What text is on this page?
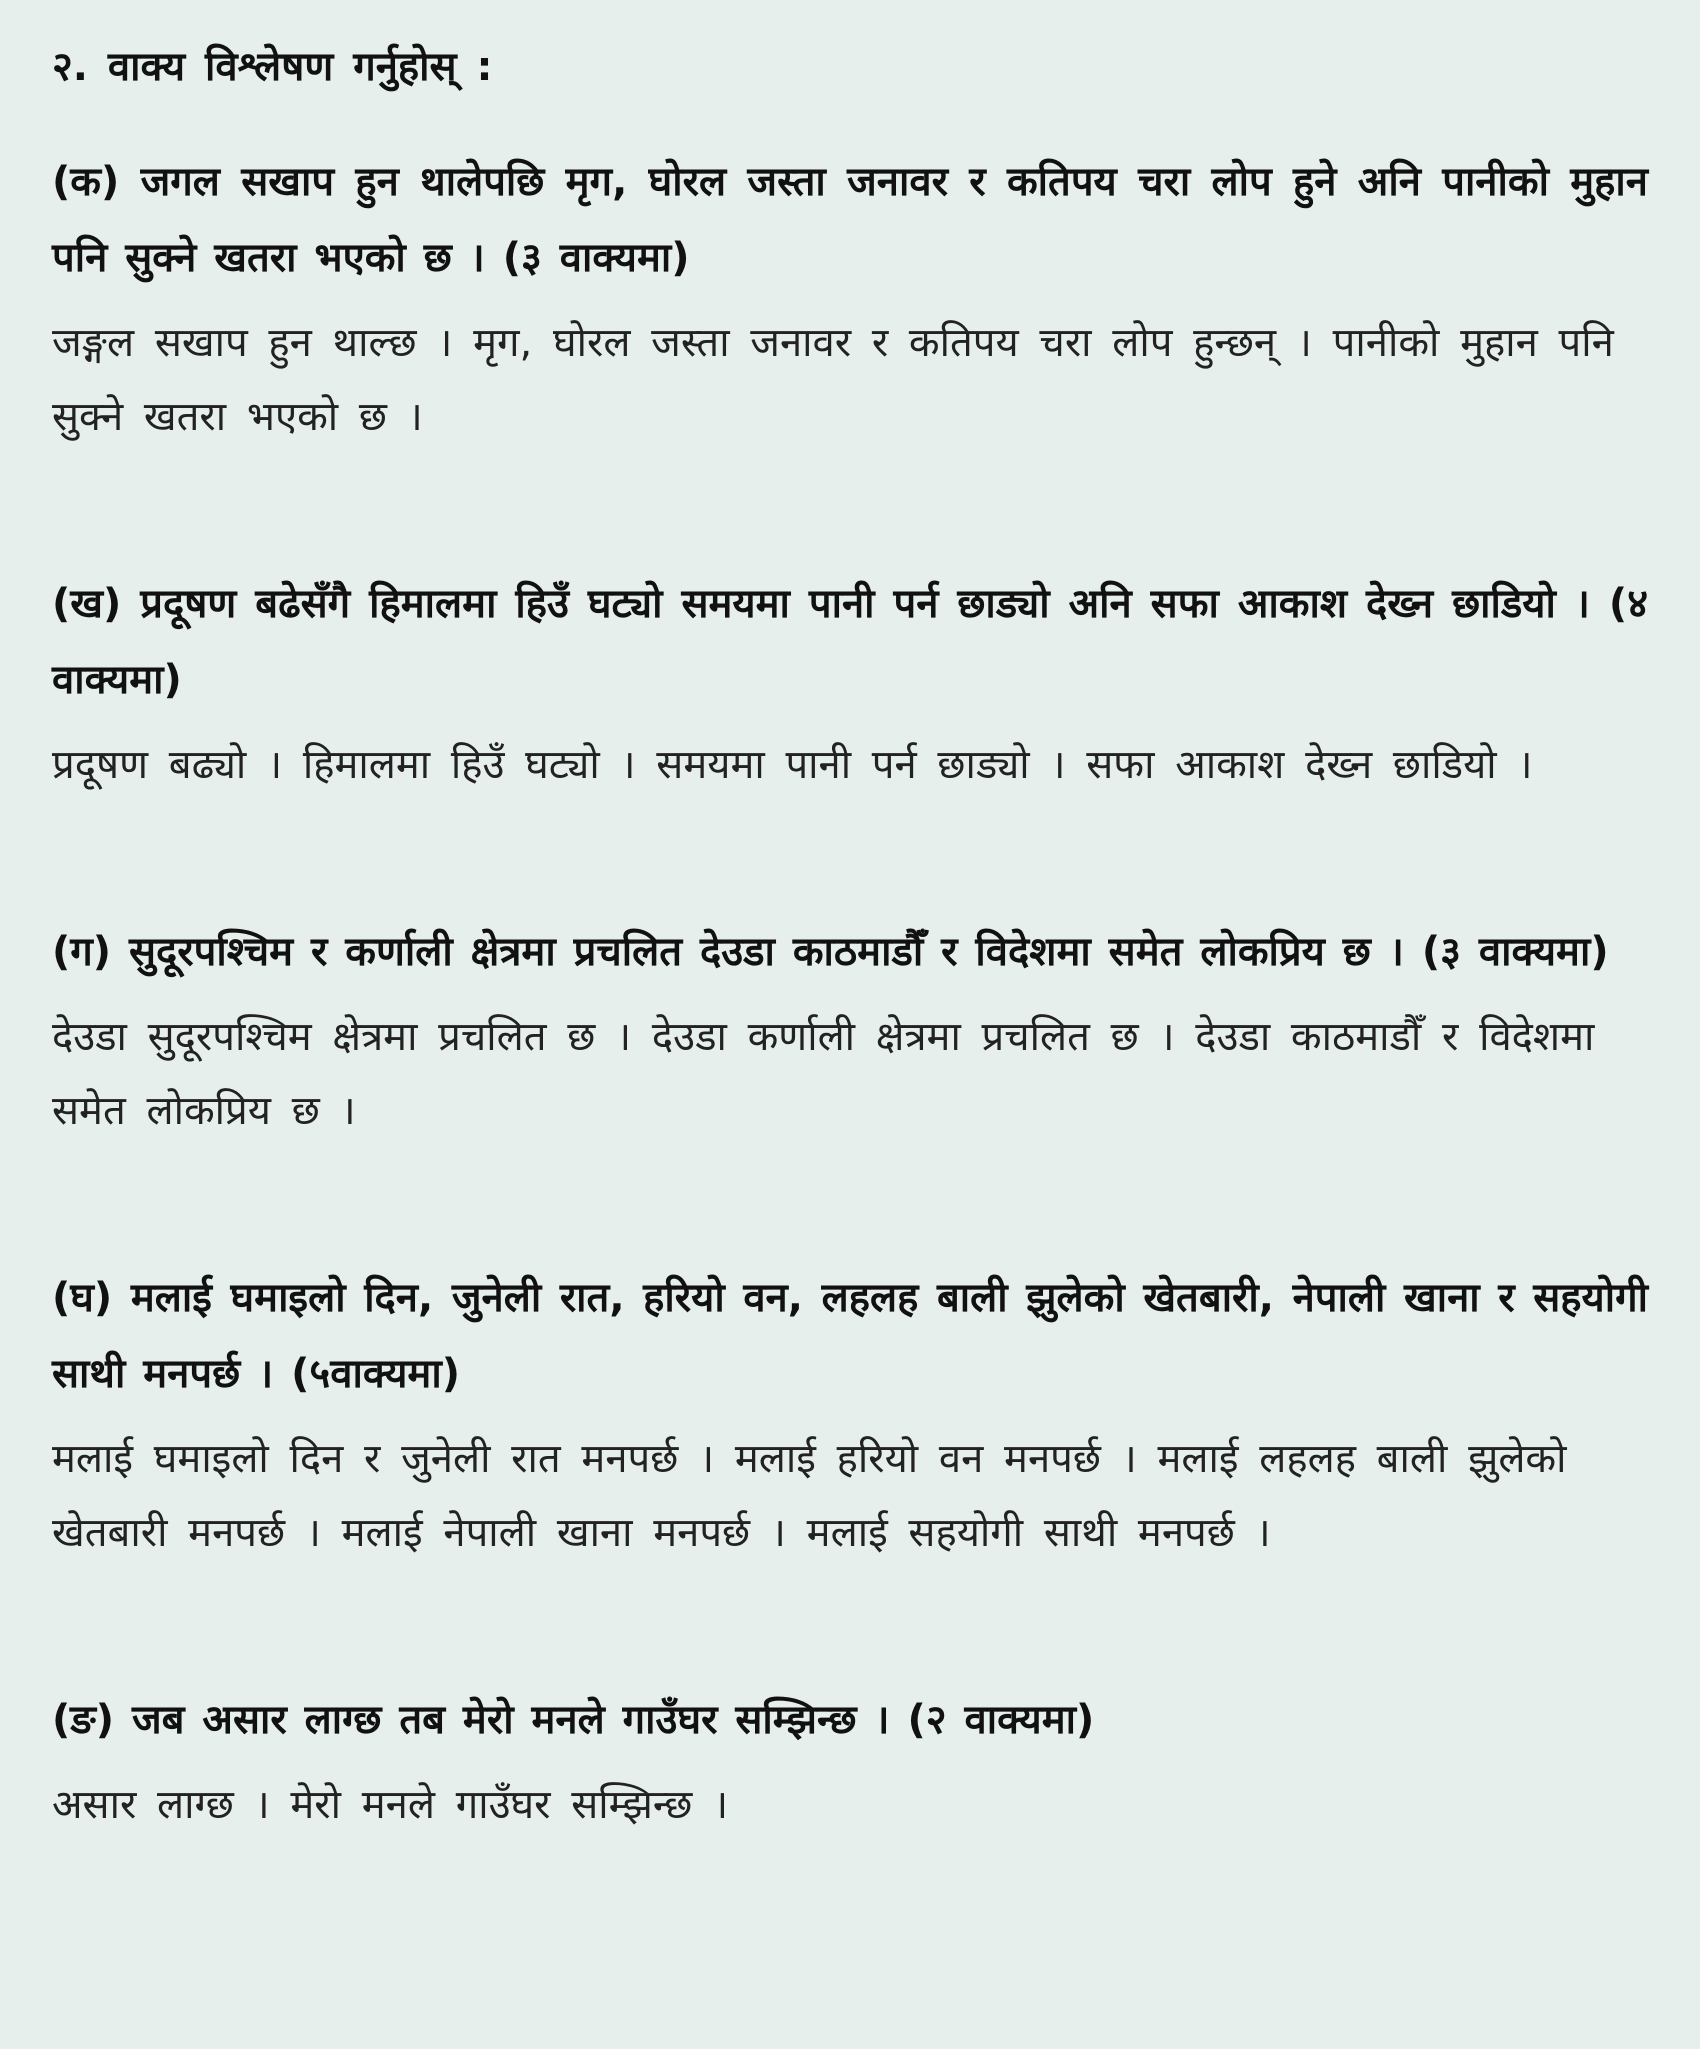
२. वाक्य विश्लेषण गर्नुहोस् :

(क) जगल सखाप हुन थालेपछि मृग, घोरल जस्ता जनावर र कतिपय चरा लोप हुने अनि पानीको मुहान पनि सुक्ने खतरा भएको छ । (३ वाक्यमा)

जङ्गल सखाप हुन थाल्छ । मृग, घोरल जस्ता जनावर र कतिपय चरा लोप हुन्छन् । पानीको मुहान पनि सुक्ने खतरा भएको छ ।

(ख) प्रदूषण बढेसँगै हिमालमा हिउँ घट्यो समयमा पानी पर्न छाड्यो अनि सफा आकाश देख्न छाडियो । (४ वाक्यमा)

प्रदूषण बढ्यो । हिमालमा हिउँ घट्यो । समयमा पानी पर्न छाड्यो । सफा आकाश देख्न छाडियो ।

(ग) सुदूरपश्चिम र कर्णाली क्षेत्रमा प्रचलित देउडा काठमाडौँ र विदेशमा समेत लोकप्रिय छ । (३ वाक्यमा)

देउडा सुदूरपश्चिम क्षेत्रमा प्रचलित छ । देउडा कर्णाली क्षेत्रमा प्रचलित छ । देउडा काठमाडौँ र विदेशमा समेत लोकप्रिय छ ।

(घ) मलाई घमाइलो दिन, जुनेली रात, हरियो वन, लहलह बाली झुलेको खेतबारी, नेपाली खाना र सहयोगी साथी मनपर्छ । (५वाक्यमा)

मलाई घमाइलो दिन र जुनेली रात मनपर्छ । मलाई हरियो वन मनपर्छ । मलाई लहलह बाली झुलेको खेतबारी मनपर्छ । मलाई नेपाली खाना मनपर्छ । मलाई सहयोगी साथी मनपर्छ ।

(ङ) जब असार लाग्छ तब मेरो मनले गाउँघर सम्झिन्छ । (२ वाक्यमा)

असार लाग्छ । मेरो मनले गाउँघर सम्झिन्छ ।
